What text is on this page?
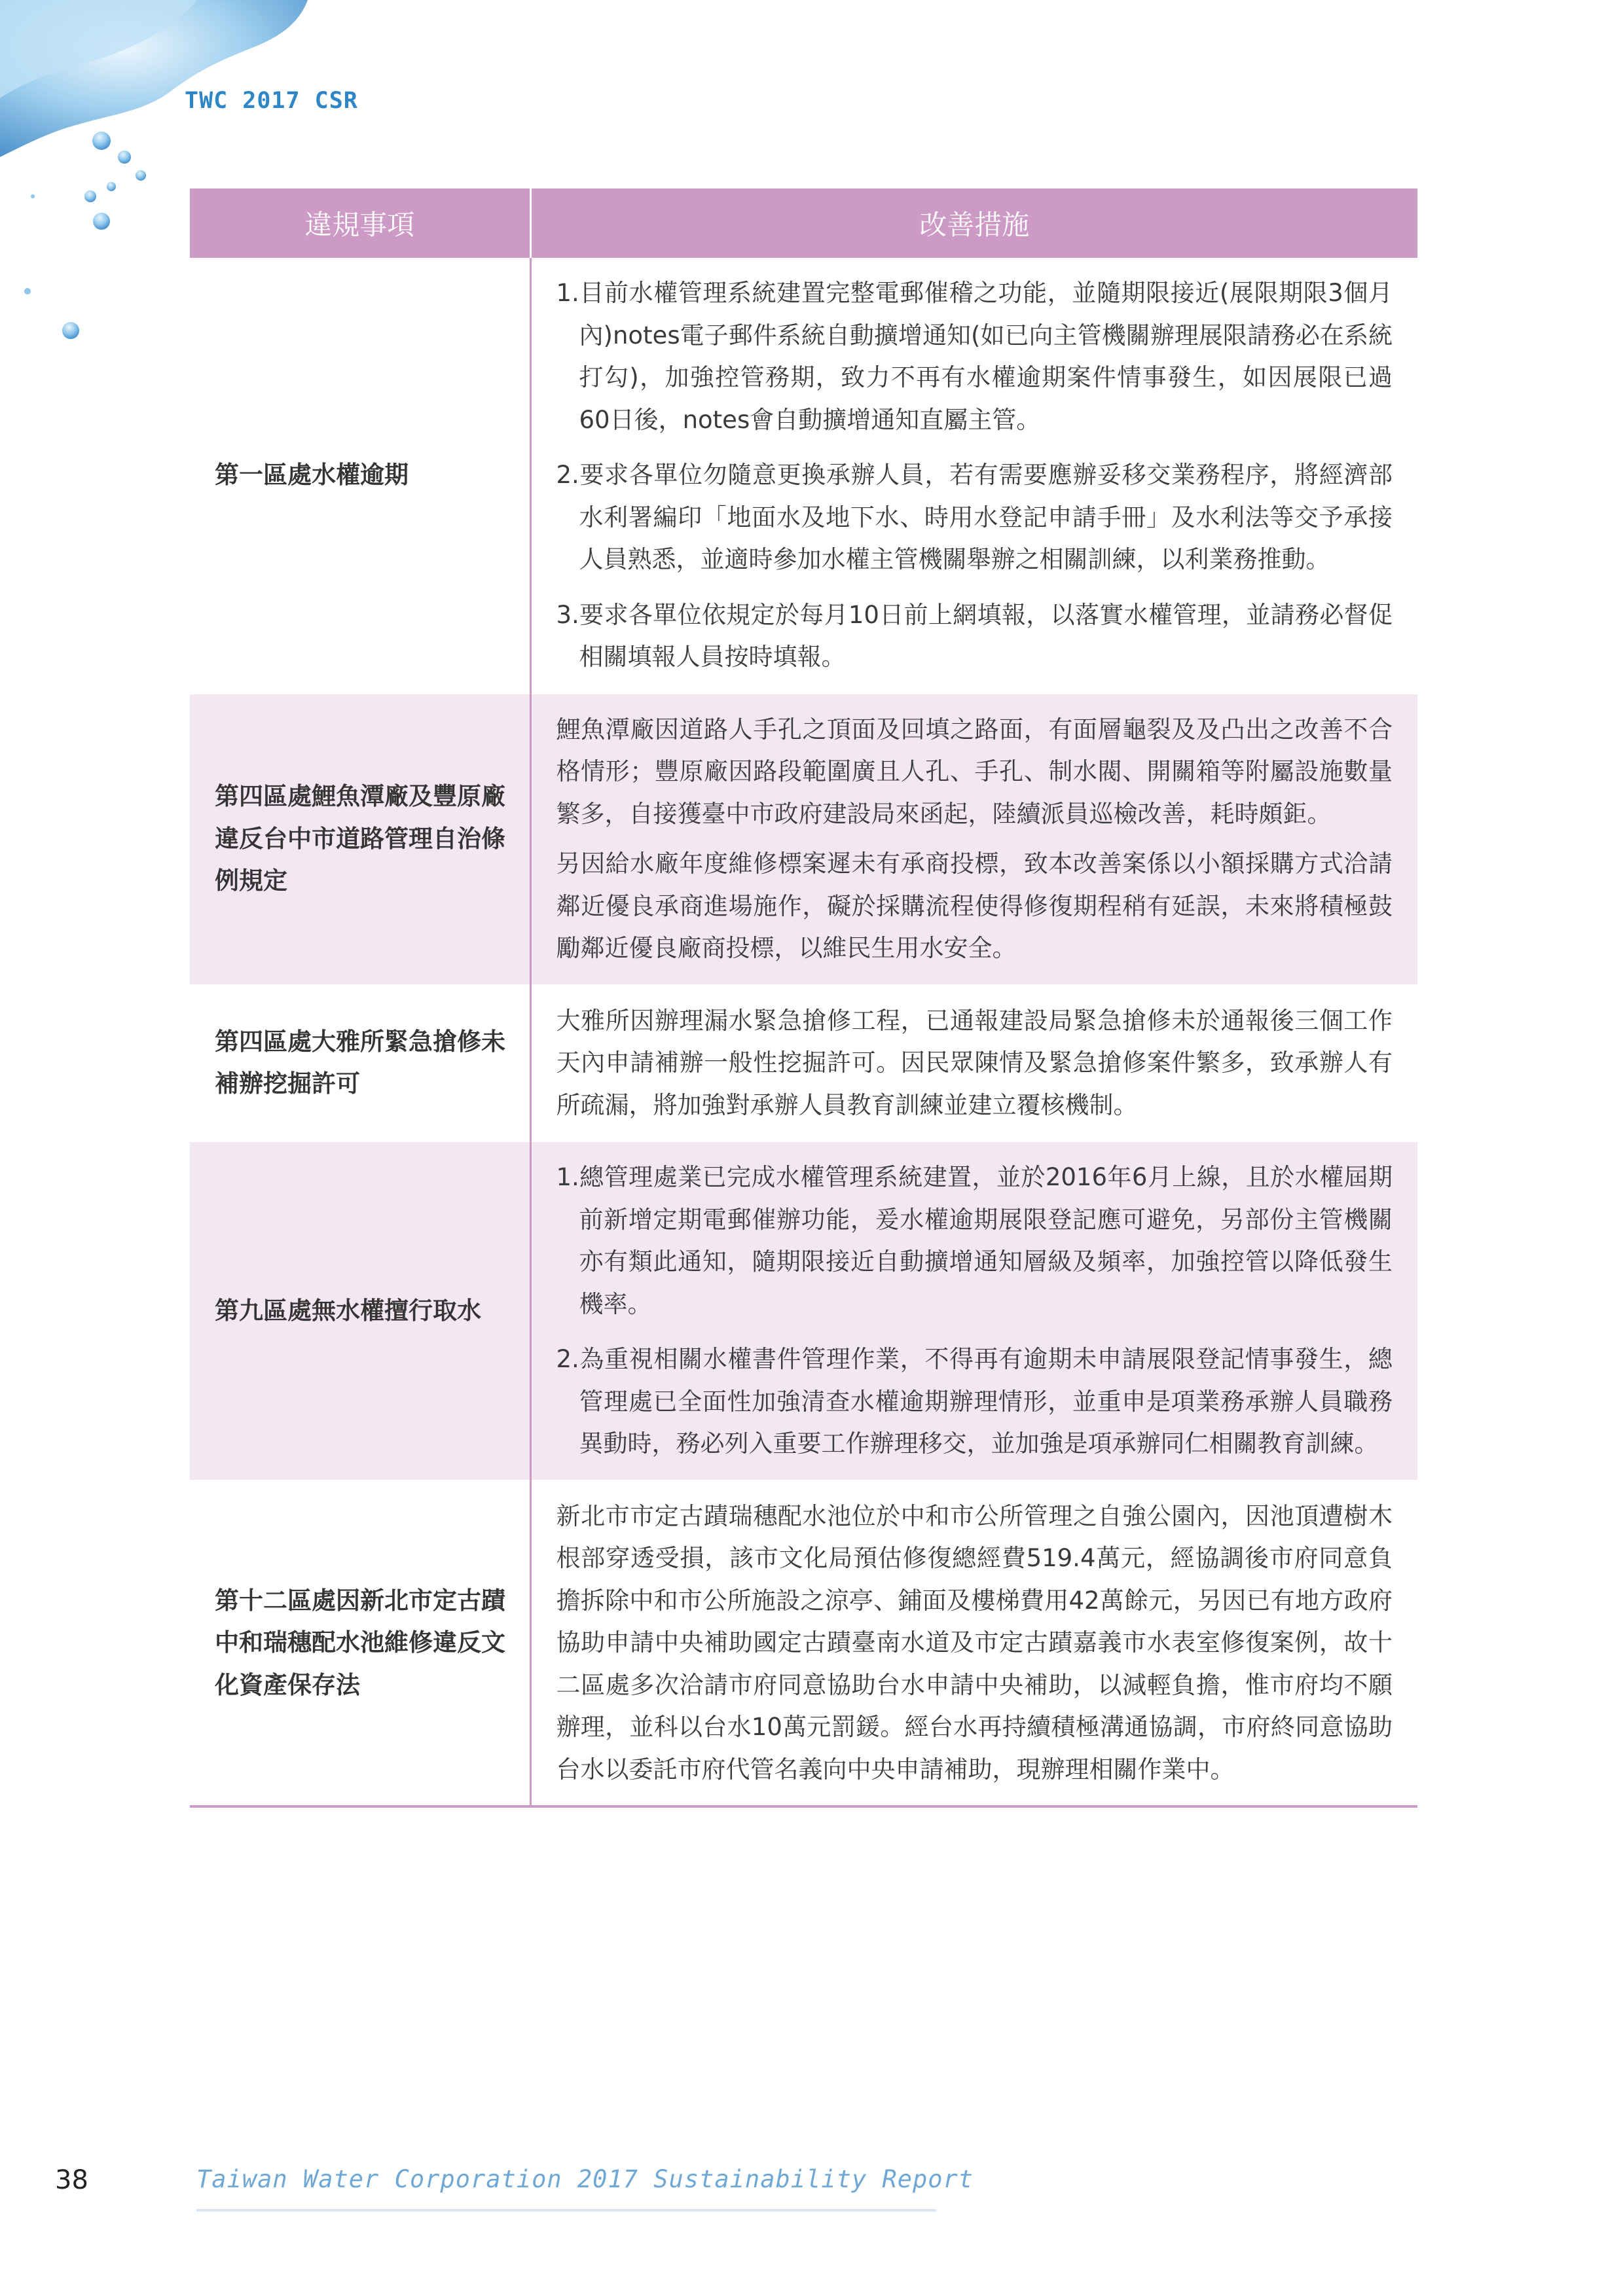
TWC 2017 CSR
違規事項	改善措施
第一區處水權逾期	1.目前水權管理系統建置完整電郵催稽之功能，並隨期限接近(展限期限3個月內)notes電子郵件系統自動擴增通知(如已向主管機關辦理展限請務必在系統打勾)，加強控管務期，致力不再有水權逾期案件情事發生，如因展限已過60日後，notes會自動擴增通知直屬主管。
2.要求各單位勿隨意更換承辦人員，若有需要應辦妥移交業務程序，將經濟部水利署編印「地面水及地下水、時用水登記申請手冊」及水利法等交予承接人員熟悉，並適時參加水權主管機關舉辦之相關訓練，以利業務推動。
3.要求各單位依規定於每月10日前上網填報，以落實水權管理，並請務必督促相關填報人員按時填報。

第四區處鯉魚潭廠及豐原廠違反台中市道路管理自治條例規定	鯉魚潭廠因道路人手孔之頂面及回填之路面，有面層龜裂及及凸出之改善不合格情形；豐原廠因路段範圍廣且人孔、手孔、制水閥、開關箱等附屬設施數量繁多，自接獲臺中市政府建設局來函起，陸續派員巡檢改善，耗時頗鉅。
另因給水廠年度維修標案遲未有承商投標，致本改善案係以小額採購方式洽請鄰近優良承商進場施作，礙於採購流程使得修復期程稍有延誤，未來將積極鼓勵鄰近優良廠商投標，以維民生用水安全。

第四區處大雅所緊急搶修未補辦挖掘許可	大雅所因辦理漏水緊急搶修工程，已通報建設局緊急搶修未於通報後三個工作天內申請補辦一般性挖掘許可。因民眾陳情及緊急搶修案件繁多，致承辦人有所疏漏，將加強對承辦人員教育訓練並建立覆核機制。

第九區處無水權擅行取水	1.總管理處業已完成水權管理系統建置，並於2016年6月上線，且於水權屆期前新增定期電郵催辦功能，爰水權逾期展限登記應可避免，另部份主管機關亦有類此通知，隨期限接近自動擴增通知層級及頻率，加強控管以降低發生機率。
2.為重視相關水權書件管理作業，不得再有逾期未申請展限登記情事發生，總管理處已全面性加強清查水權逾期辦理情形，並重申是項業務承辦人員職務異動時，務必列入重要工作辦理移交，並加強是項承辦同仁相關教育訓練。

第十二區處因新北市定古蹟中和瑞穗配水池維修違反文化資產保存法	新北市市定古蹟瑞穗配水池位於中和市公所管理之自強公園內，因池頂遭樹木根部穿透受損，該市文化局預估修復總經費519.4萬元，經協調後市府同意負擔拆除中和市公所施設之涼亭、鋪面及樓梯費用42萬餘元，另因已有地方政府協助申請中央補助國定古蹟臺南水道及市定古蹟嘉義市水表室修復案例，故十二區處多次洽請市府同意協助台水申請中央補助，以減輕負擔，惟市府均不願辦理，並科以台水10萬元罰鍰。經台水再持續積極溝通協調，市府終同意協助台水以委託市府代管名義向中央申請補助，現辦理相關作業中。
38	Taiwan Water Corporation 2017 Sustainability Report
